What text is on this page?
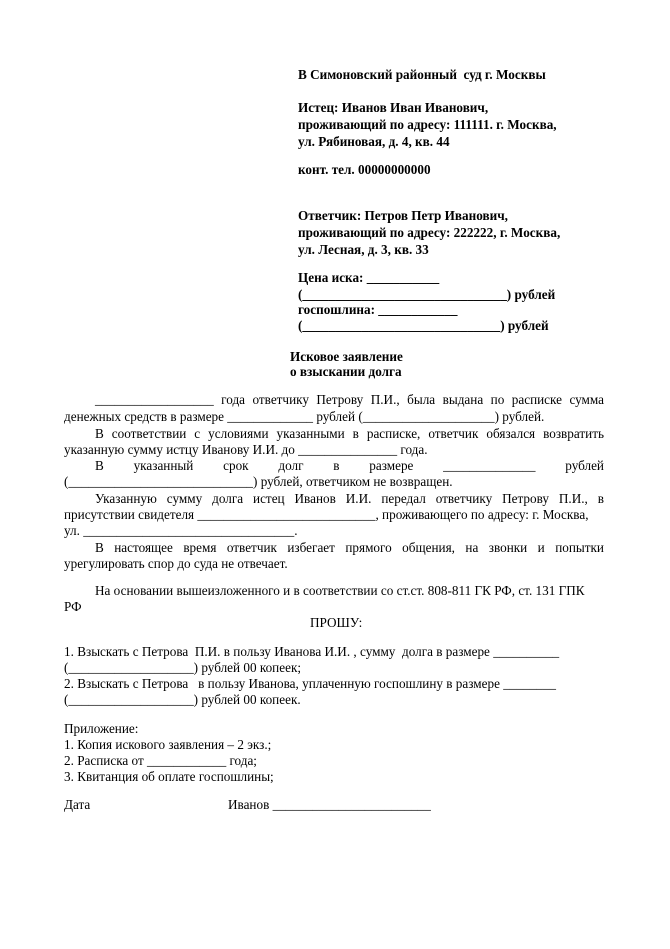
В Симоновский районный  суд г. Москвы
Истец: Иванов Иван Иванович,
проживающий по адресу: 111111. г. Москва,
ул. Рябиновая, д. 4, кв. 44
конт. тел. 00000000000
Ответчик: Петров Петр Иванович,
проживающий по адресу: 222222, г. Москва,
ул. Лесная, д. 3, кв. 33
Цена иска: ___________
(_______________________________) рублей
госпошлина: ____________
(______________________________) рублей
Исковое заявление
о взыскании долга
__________________ года ответчику Петрову П.И., была выдана по расписке сумма
денежных средств в размере _____________ рублей (____________________) рублей.
В соответствии с условиями указанными в расписке, ответчик обязался возвратить
указанную сумму истцу Иванову И.И. до _______________ года.
В указанный срок долг в размере ______________ рублей
(____________________________) рублей, ответчиком не возвращен.
Указанную сумму долга истец Иванов И.И. передал ответчику Петрову П.И., в
присутствии свидетеля ___________________________, проживающего по адресу: г. Москва,
ул. ________________________________.
В настоящее время ответчик избегает прямого общения, на звонки и попытки
урегулировать спор до суда не отвечает.
На основании вышеизложенного и в соответствии со ст.ст. 808-811 ГК РФ, ст. 131 ГПК
РФ
ПРОШУ:
1. Взыскать с Петрова  П.И. в пользу Иванова И.И. , сумму  долга в размере __________
(___________________) рублей 00 копеек;
2. Взыскать с Петрова   в пользу Иванова, уплаченную госпошлину в размере ________
(___________________) рублей 00 копеек.
Приложение:
1. Копия искового заявления – 2 экз.;
2. Расписка от ____________ года;
3. Квитанция об оплате госпошлины;
Дата	Иванов ________________________
